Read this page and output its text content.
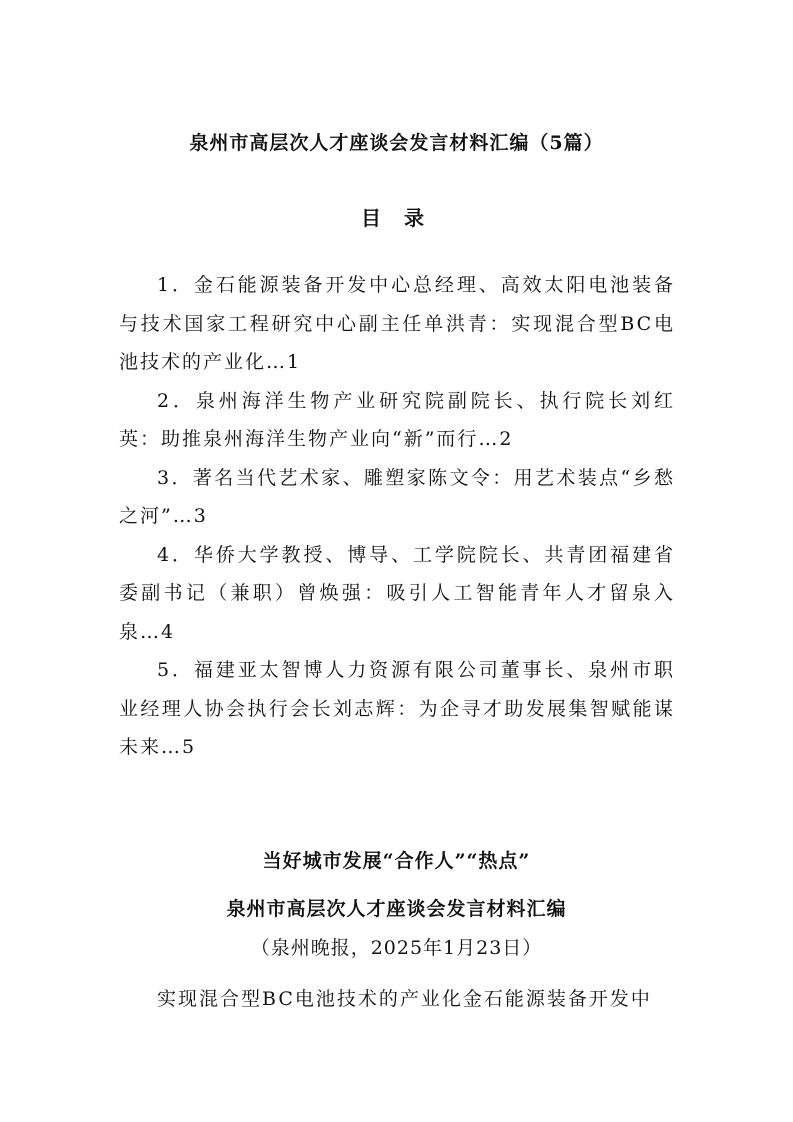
泉州市高层次人才座谈会发言材料汇编（5篇）
目 录
1．金石能源装备开发中心总经理、高效太阳电池装备与技术国家工程研究中心副主任单洪青：实现混合型BC电池技术的产业化…1
2．泉州海洋生物产业研究院副院长、执行院长刘红英：助推泉州海洋生物产业向“新”而行…2
3．著名当代艺术家、雕塑家陈文令：用艺术装点“乡愁之河”…3
4．华侨大学教授、博导、工学院院长、共青团福建省委副书记（兼职）曾焕强：吸引人工智能青年人才留泉入泉…4
5．福建亚太智博人力资源有限公司董事长、泉州市职业经理人协会执行会长刘志辉：为企寻才助发展集智赋能谋未来…5
当好城市发展“合作人”“热点”
泉州市高层次人才座谈会发言材料汇编
（泉州晚报，2025年1月23日）

实现混合型BC电池技术的产业化金石能源装备开发中
